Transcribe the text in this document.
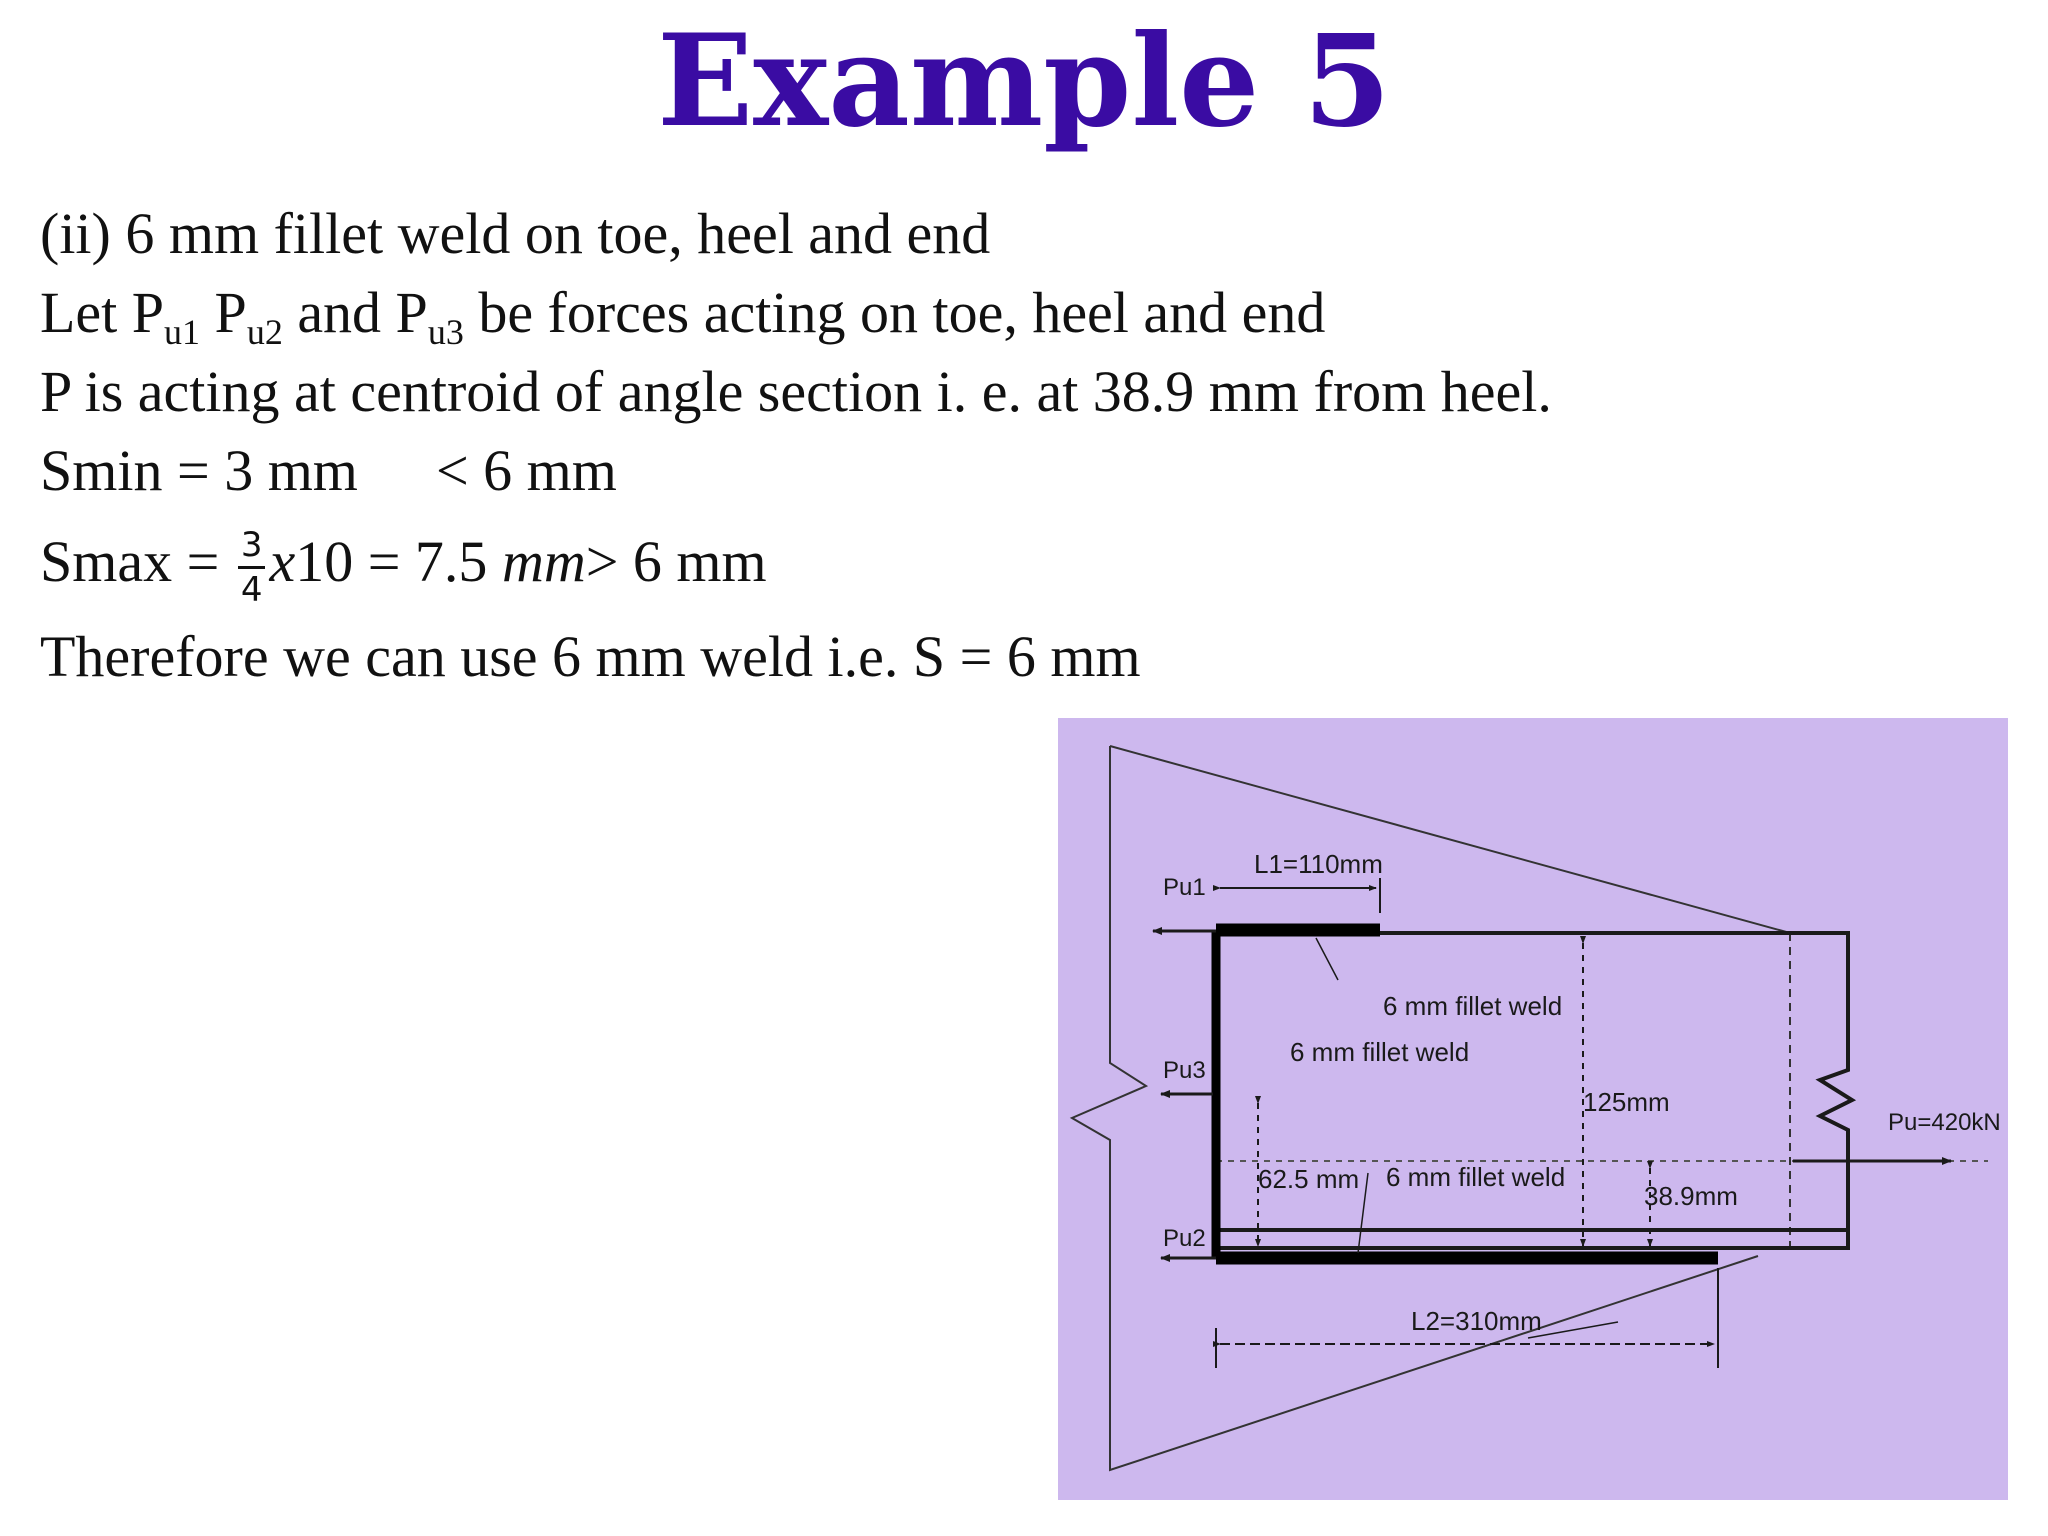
Example 5
(ii) 6 mm fillet weld on toe, heel and end
Let $P_{u1}$ $P_{u2}$ and $P_{u3}$ be forces acting on toe, heel and end
P is acting at centroid of angle section i. e. at 38.9 mm from heel.
Smin = 3 mm < 6 mm
$Smax = \frac{3}{4} x10 = 7.5$ mm> 6 mm
Therefore we can use 6 mm weld i.e. S = 6 mm
Pu1
Pu3
Pu2
L1=110mm
6 mm fillet weld
6 mm fillet weld
125mm
62.5 mm 6 mm fillet weld
38.9mm
Pu=420kN
L2=310mm
